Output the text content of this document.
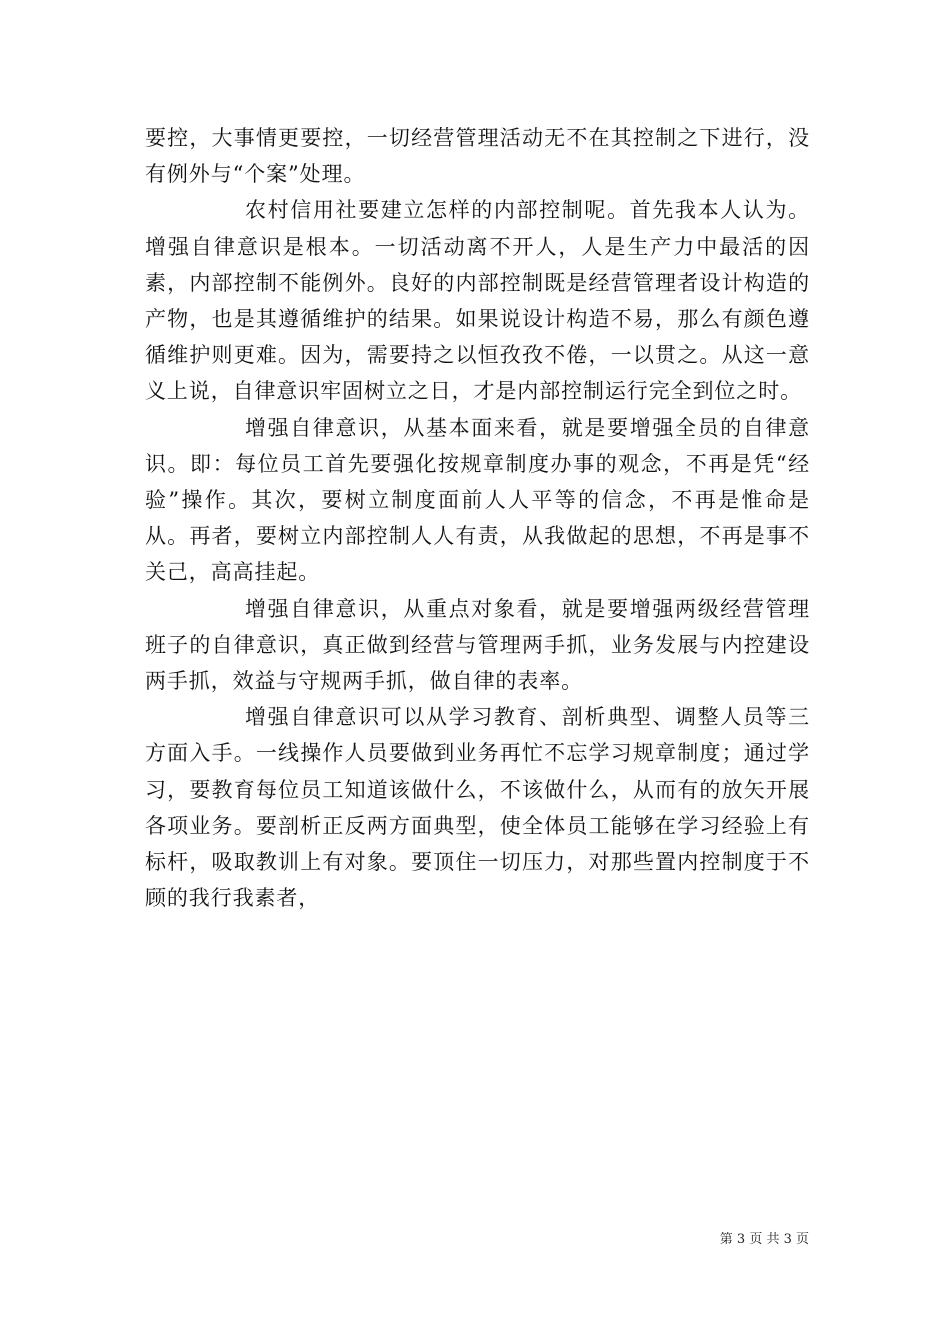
要控，大事情更要控，一切经营管理活动无不在其控制之下进行，没有例外与“个案”处理。

农村信用社要建立怎样的内部控制呢。首先我本人认为。增强自律意识是根本。一切活动离不开人，人是生产力中最活的因素，内部控制不能例外。良好的内部控制既是经营管理者设计构造的产物，也是其遵循维护的结果。如果说设计构造不易，那么有颜色遵循维护则更难。因为，需要持之以恒孜孜不倦，一以贯之。从这一意义上说，自律意识牢固树立之日，才是内部控制运行完全到位之时。

增强自律意识，从基本面来看，就是要增强全员的自律意识。即：每位员工首先要强化按规章制度办事的观念，不再是凭“经验”操作。其次，要树立制度面前人人平等的信念，不再是惟命是从。再者，要树立内部控制人人有责，从我做起的思想，不再是事不关己，高高挂起。

增强自律意识，从重点对象看，就是要增强两级经营管理班子的自律意识，真正做到经营与管理两手抓，业务发展与内控建设两手抓，效益与守规两手抓，做自律的表率。

增强自律意识可以从学习教育、剖析典型、调整人员等三方面入手。一线操作人员要做到业务再忙不忘学习规章制度；通过学习，要教育每位员工知道该做什么，不该做什么，从而有的放矢开展各项业务。要剖析正反两方面典型，使全体员工能够在学习经验上有标杆，吸取教训上有对象。要顶住一切压力，对那些置内控制度于不顾的我行我素者，

第 3 页 共 3 页
